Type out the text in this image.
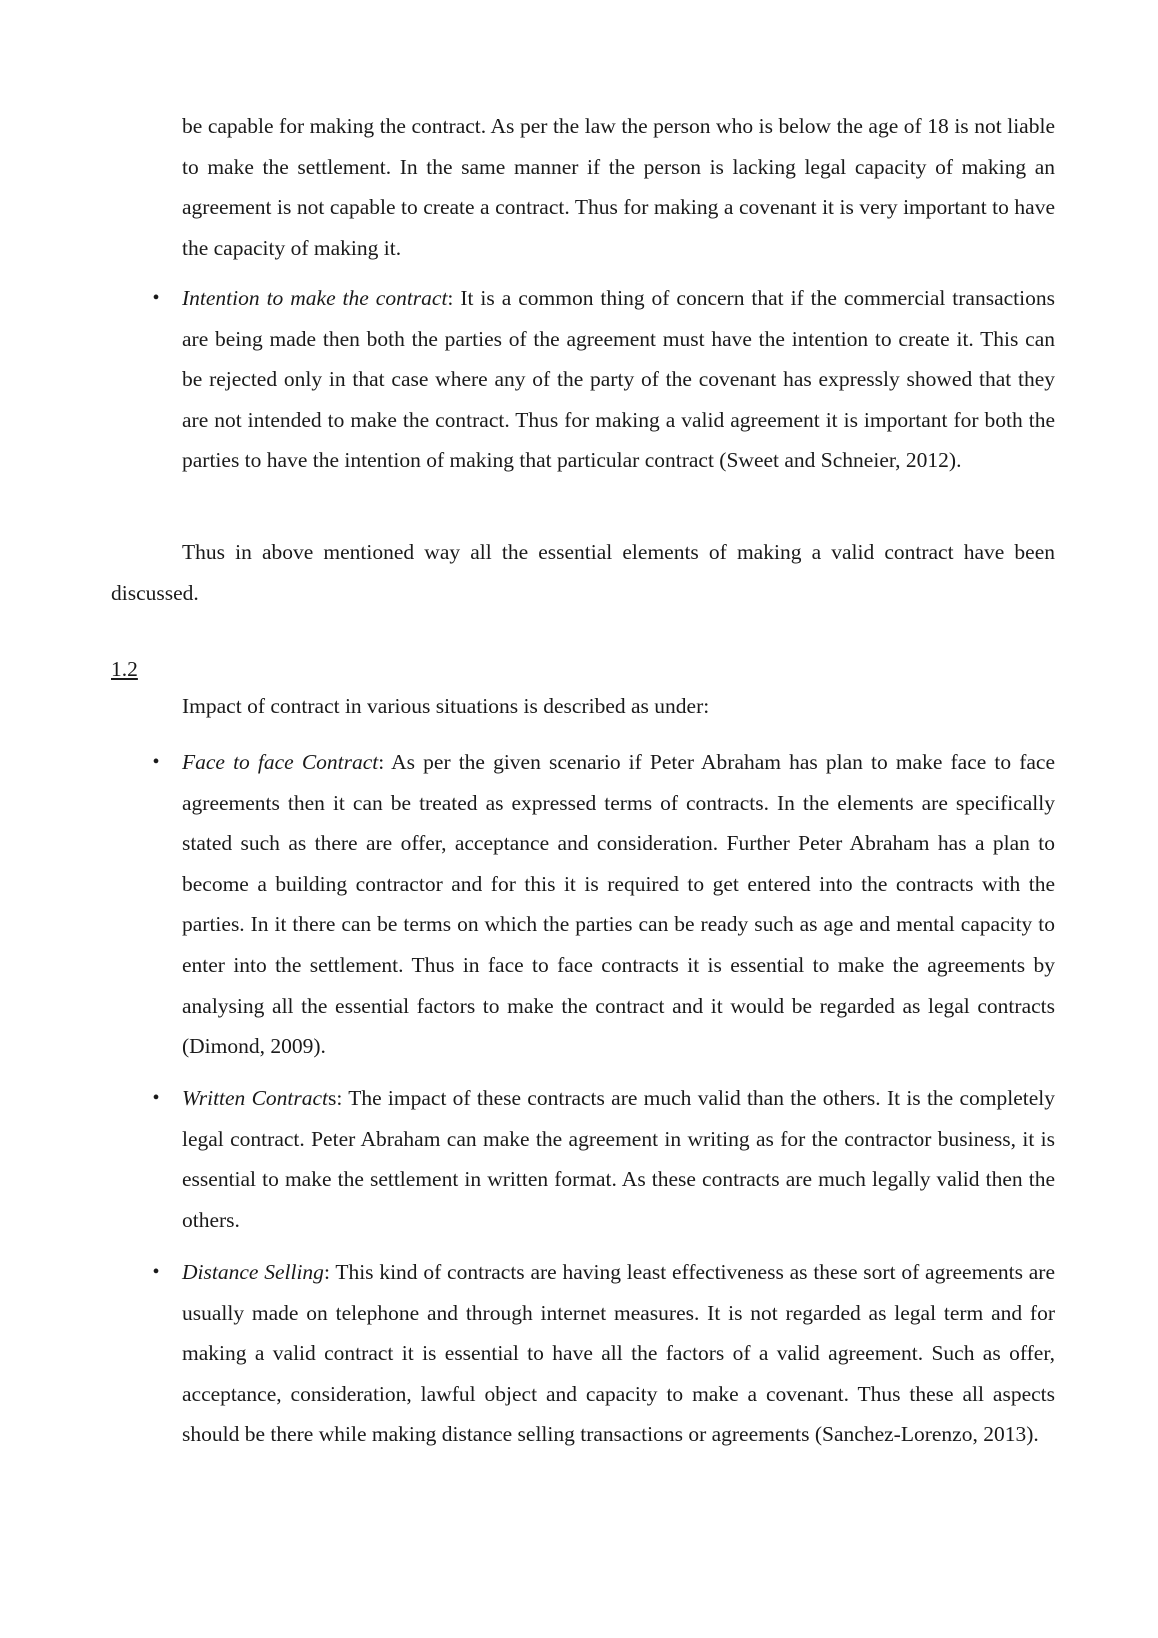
be capable for making the contract. As per the law the person who is below the age of 18 is not liable to make the settlement. In the same manner if the person is lacking legal capacity of making an agreement is not capable to create a contract. Thus for making a covenant it is very important to have the capacity of making it.

•	Intention to make the contract: It is a common thing of concern that if the commercial transactions are being made then both the parties of the agreement must have the intention to create it. This can be rejected only in that case where any of the party of the covenant has expressly showed that they are not intended to make the contract. Thus for making a valid agreement it is important for both the parties to have the intention of making that particular contract (Sweet and Schneier, 2012).

Thus in above mentioned way all the essential elements of making a valid contract have been discussed.

1.2
Impact of contract in various situations is described as under:
•	Face to face Contract: As per the given scenario if Peter Abraham has plan to make face to face agreements then it can be treated as expressed terms of contracts. In the elements are specifically stated such as there are offer, acceptance and consideration. Further Peter Abraham has a plan to become a building contractor and for this it is required to get entered into the contracts with the parties. In it there can be terms on which the parties can be ready such as age and mental capacity to enter into the settlement. Thus in face to face contracts it is essential to make the agreements by analysing all the essential factors to make the contract and it would be regarded as legal contracts (Dimond, 2009).
•	Written Contracts: The impact of these contracts are much valid than the others. It is the completely legal contract. Peter Abraham can make the agreement in writing as for the contractor business, it is essential to make the settlement in written format. As these contracts are much legally valid then the others.
•	Distance Selling: This kind of contracts are having least effectiveness as these sort of agreements are usually made on telephone and through internet measures. It is not regarded as legal term and for making a valid contract it is essential to have all the factors of a valid agreement. Such as offer, acceptance, consideration, lawful object and capacity to make a covenant. Thus these all aspects should be there while making distance selling transactions or agreements (Sanchez-Lorenzo, 2013).
